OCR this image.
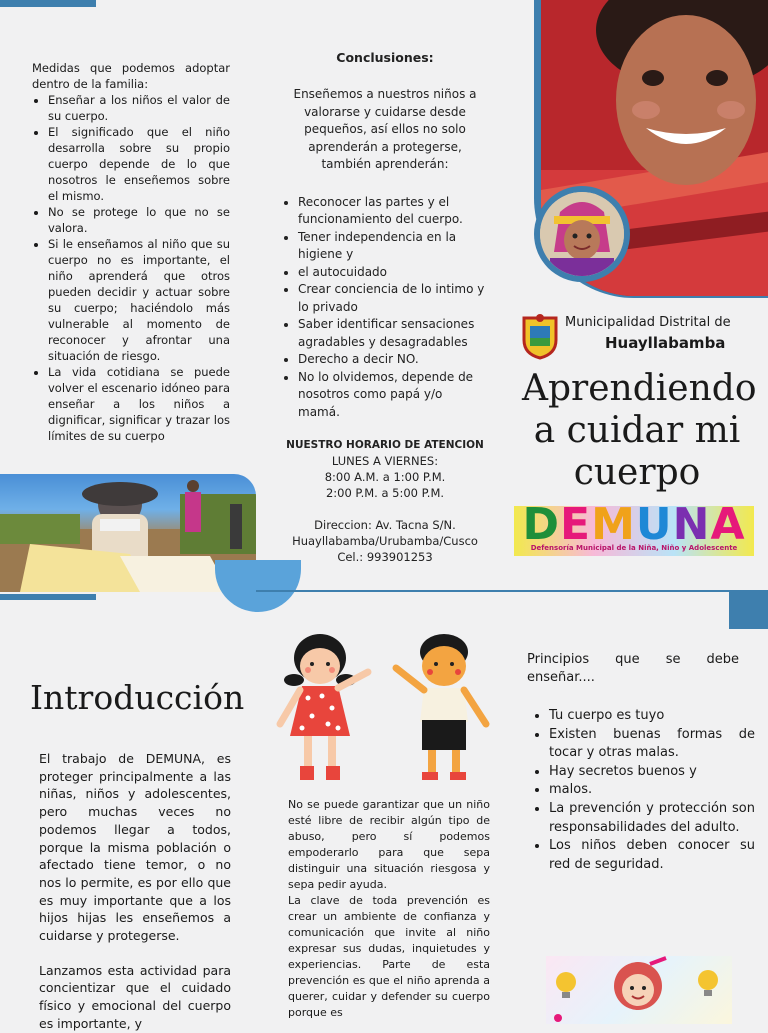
Medidas que podemos adoptar dentro de la familia:
• Enseñar a los niños el valor de su cuerpo.
• El significado que el niño desarrolla sobre su propio cuerpo depende de lo que nosotros le enseñemos sobre el mismo.
• No se protege lo que no se valora.
• Si le enseñamos al niño que su cuerpo no es importante, el niño aprenderá que otros pueden decidir y actuar sobre su cuerpo; haciéndolo más vulnerable al momento de reconocer y afrontar una situación de riesgo.
• La vida cotidiana se puede volver el escenario idóneo para enseñar a los niños a dignificar, significar y trazar los límites de su cuerpo
Conclusiones:
Enseñemos a nuestros niños a valorarse y cuidarse desde pequeños, así ellos no solo aprenderán a protegerse, también aprenderán:
• Reconocer las partes y el funcionamiento del cuerpo.
• Tener independencia en la higiene y
• el autocuidado
• Crear conciencia de lo intimo y lo privado
• Saber identificar sensaciones agradables y desagradables
• Derecho a decir NO.
• No lo olvidemos, depende de nosotros como papá y/o mamá.
NUESTRO HORARIO DE ATENCION
LUNES A VIERNES:
8:00 A.M. a 1:00 P.M.
2:00 P.M. a 5:00 P.M.
Direccion: Av. Tacna S/N.
Huayllabamba/Urubamba/Cusco
Cel.: 993901253
Municipalidad Distrital de
Huayllabamba
Aprendiendo
a cuidar mi
cuerpo
DEMUNA
Defensoría Municipal de la Niña, Niño y Adolescente
Introducción
El trabajo de DEMUNA, es proteger principalmente a las niñas, niños y adolescentes, pero muchas veces no podemos llegar a todos, porque la misma población o afectado tiene temor, o no nos lo permite, es por ello que es muy importante que a los hijos hijas les enseñemos a cuidarse y protegerse.
Lanzamos esta actividad para concientizar que el cuidado físico y emocional del cuerpo es importante, y
No se puede garantizar que un niño esté libre de recibir algún tipo de abuso, pero sí podemos empoderarlo para que sepa distinguir una situación riesgosa y sepa pedir ayuda.
La clave de toda prevención es crear un ambiente de confianza y comunicación que invite al niño expresar sus dudas, inquietudes y experiencias. Parte de esta prevención es que el niño aprenda a querer, cuidar y defender su cuerpo porque es
Principios que se debe enseñar....
• Tu cuerpo es tuyo
• Existen buenas formas de tocar y otras malas.
• Hay secretos buenos y
• malos.
• La prevención y protección son responsabilidades del adulto.
• Los niños deben conocer su red de seguridad.
